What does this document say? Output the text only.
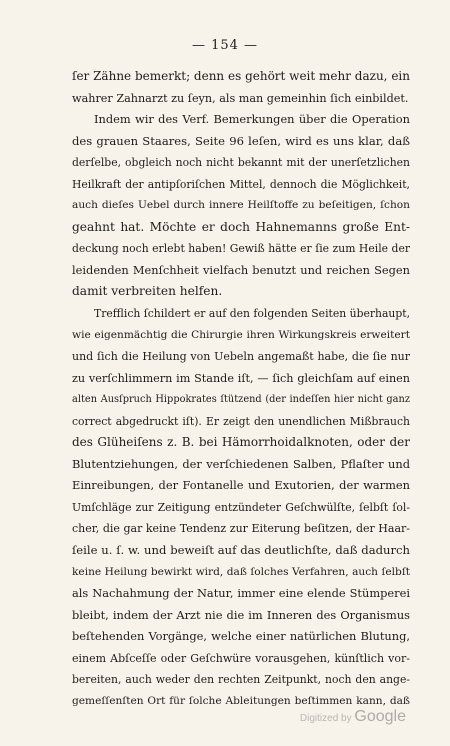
— 154 —
ſer Zähne bemerkt; denn es gehört weit mehr dazu, ein
wahrer Zahnarzt zu ſeyn, als man gemeinhin ſich einbildet.
Indem wir des Verf. Bemerkungen über die Operation
des grauen Staares, Seite 96 leſen, wird es uns klar, daß
derſelbe, obgleich noch nicht bekannt mit der unerſetzlichen
Heilkraft der antipſoriſchen Mittel, dennoch die Möglichkeit,
auch dieſes Uebel durch innere Heilſtoffe zu beſeitigen, ſchon
geahnt hat. Möchte er doch Hahnemanns große Ent-
deckung noch erlebt haben! Gewiß hätte er ſie zum Heile der
leidenden Menſchheit vielfach benutzt und reichen Segen
damit verbreiten helfen.
Trefflich ſchildert er auf den folgenden Seiten überhaupt,
wie eigenmächtig die Chirurgie ihren Wirkungskreis erweitert
und ſich die Heilung von Uebeln angemaßt habe, die ſie nur
zu verſchlimmern im Stande iſt, — ſich gleichſam auf einen
alten Ausſpruch Hippokrates ſtützend (der indeſſen hier nicht ganz
correct abgedruckt iſt). Er zeigt den unendlichen Mißbrauch
des Glüheiſens z. B. bei Hämorrhoidalknoten, oder der
Blutentziehungen, der verſchiedenen Salben, Pflaſter und
Einreibungen, der Fontanelle und Exutorien, der warmen
Umſchläge zur Zeitigung entzündeter Geſchwülſte, ſelbſt ſol-
cher, die gar keine Tendenz zur Eiterung beſitzen, der Haar-
ſeile u. ſ. w. und beweiſt auf das deutlichſte, daß dadurch
keine Heilung bewirkt wird, daß ſolches Verfahren, auch ſelbſt
als Nachahmung der Natur, immer eine elende Stümperei
bleibt, indem der Arzt nie die im Inneren des Organismus
beſtehenden Vorgänge, welche einer natürlichen Blutung,
einem Abſceſſe oder Geſchwüre vorausgehen, künſtlich vor-
bereiten, auch weder den rechten Zeitpunkt, noch den ange-
gemeſſenſten Ort für ſolche Ableitungen beſtimmen kann, daß
Digitized by Google
